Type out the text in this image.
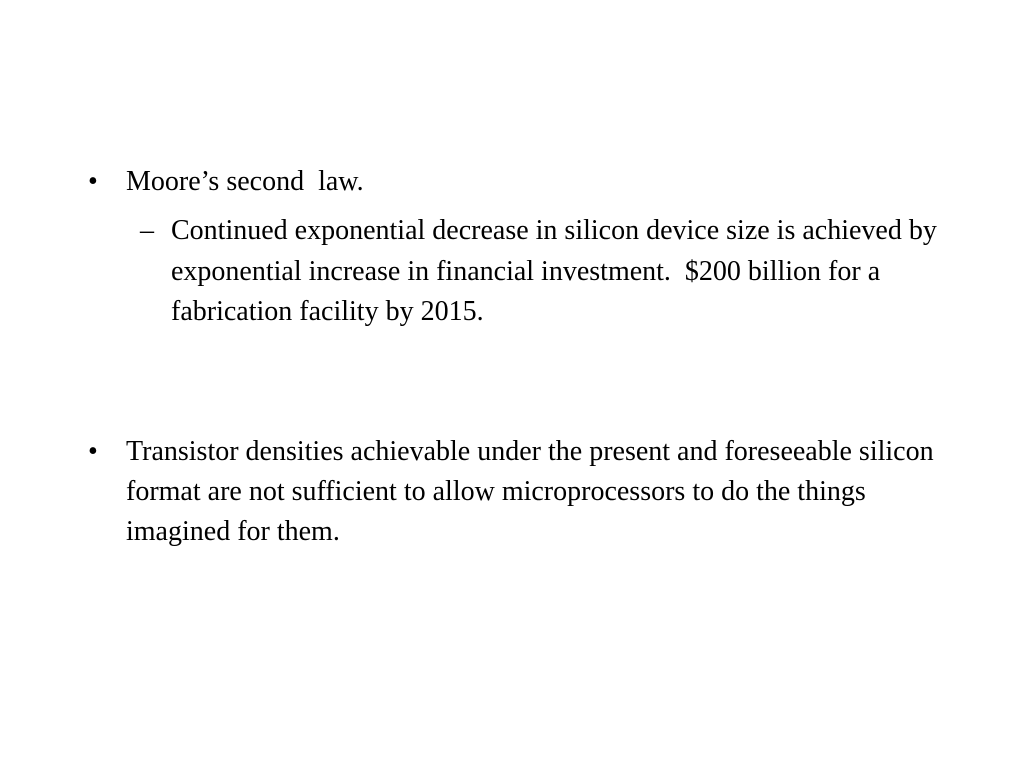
• Moore’s second  law.
– Continued exponential decrease in silicon device size is achieved by exponential increase in financial investment.  $200 billion for a fabrication facility by 2015.
• Transistor densities achievable under the present and foreseeable silicon format are not sufficient to allow microprocessors to do the things imagined for them.
